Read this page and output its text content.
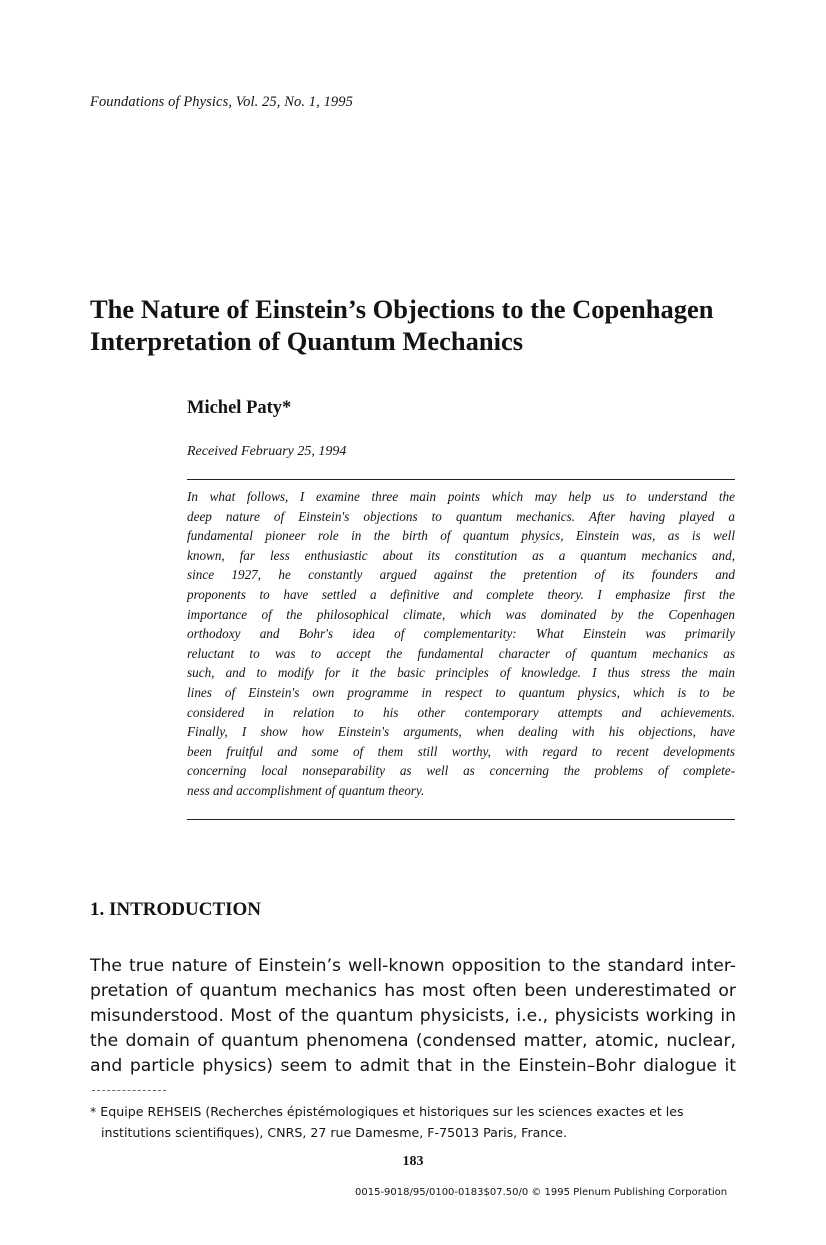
Foundations of Physics, Vol. 25, No. 1, 1995
The Nature of Einstein’s Objections to the Copenhagen
Interpretation of Quantum Mechanics
Michel Paty*
Received February 25, 1994
In what follows, I examine three main points which may help us to understand the
deep nature of Einstein's objections to quantum mechanics. After having played a
fundamental pioneer role in the birth of quantum physics, Einstein was, as is well
known, far less enthusiastic about its constitution as a quantum mechanics and,
since 1927, he constantly argued against the pretention of its founders and
proponents to have settled a definitive and complete theory. I emphasize first the
importance of the philosophical climate, which was dominated by the Copenhagen
orthodoxy and Bohr's idea of complementarity: What Einstein was primarily
reluctant to was to accept the fundamental character of quantum mechanics as
such, and to modify for it the basic principles of knowledge. I thus stress the main
lines of Einstein's own programme in respect to quantum physics, which is to be
considered in relation to his other contemporary attempts and achievements.
Finally, I show how Einstein's arguments, when dealing with his objections, have
been fruitful and some of them still worthy, with regard to recent developments
concerning local nonseparability as well as concerning the problems of complete-
ness and accomplishment of quantum theory.
1. INTRODUCTION
The true nature of Einstein’s well-known opposition to the standard inter-
pretation of quantum mechanics has most often been underestimated or
misunderstood. Most of the quantum physicists, i.e., physicists working in
the domain of quantum phenomena (condensed matter, atomic, nuclear,
and particle physics) seem to admit that in the Einstein–Bohr dialogue it
* Equipe REHSEIS (Recherches épistémologiques et historiques sur les sciences exactes et les
institutions scientifiques), CNRS, 27 rue Damesme, F-75013 Paris, France.
183
0015-9018/95/0100-0183$07.50/0 © 1995 Plenum Publishing Corporation
